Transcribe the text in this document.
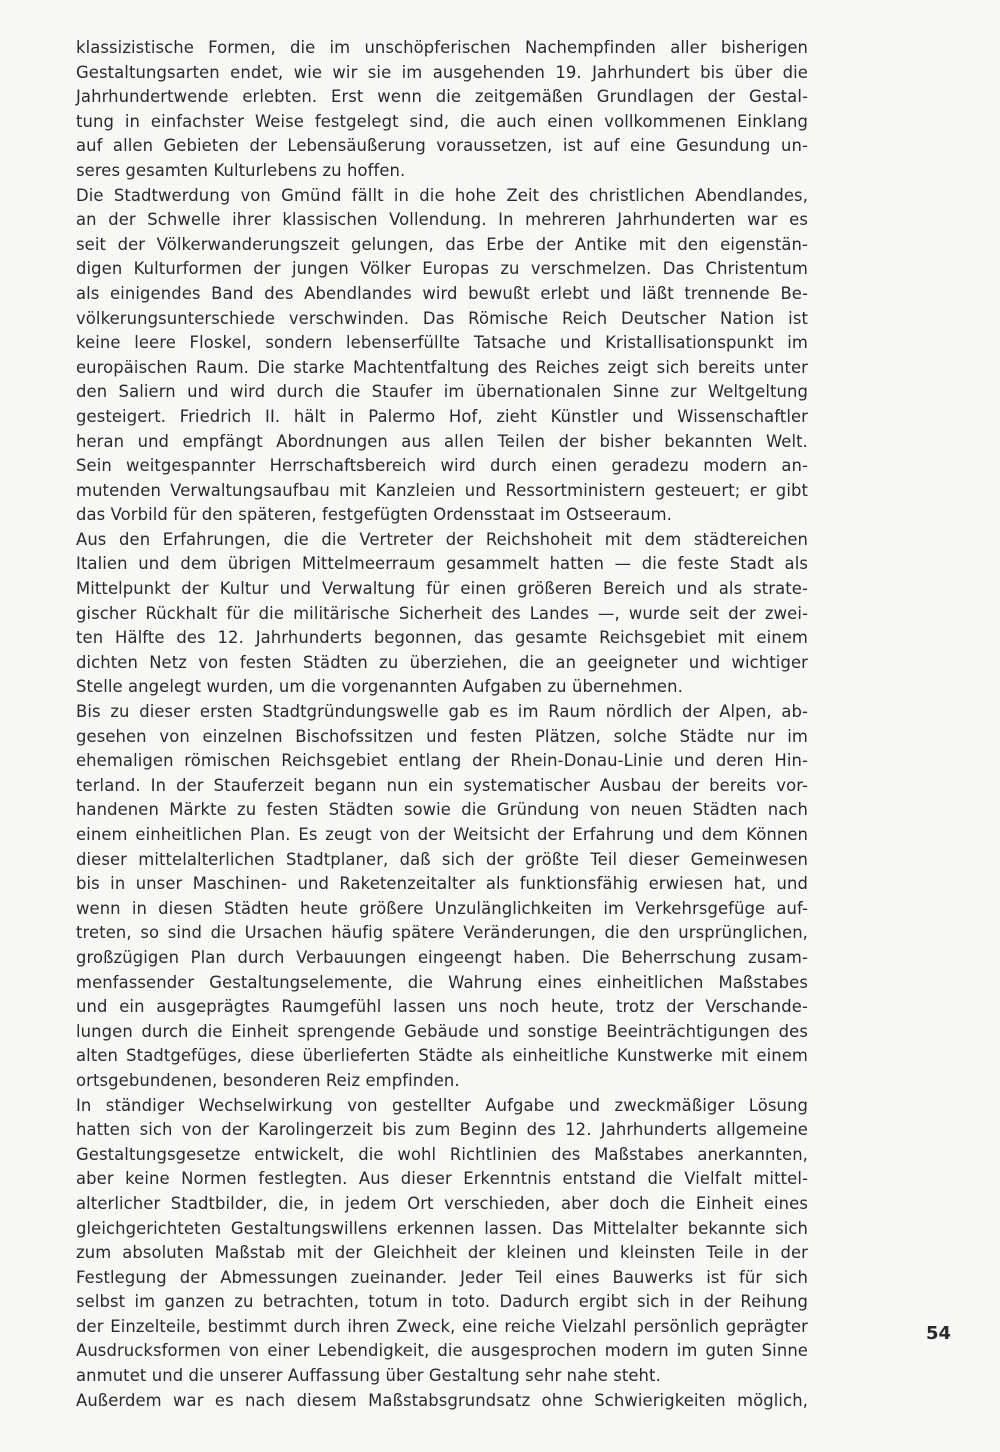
klassizistische Formen, die im unschöpferischen Nachempfinden aller bisherigen
Gestaltungsarten endet, wie wir sie im ausgehenden 19. Jahrhundert bis über die
Jahrhundertwende erlebten. Erst wenn die zeitgemäßen Grundlagen der Gestal-
tung in einfachster Weise festgelegt sind, die auch einen vollkommenen Einklang
auf allen Gebieten der Lebensäußerung voraussetzen, ist auf eine Gesundung un-
seres gesamten Kulturlebens zu hoffen.
Die Stadtwerdung von Gmünd fällt in die hohe Zeit des christlichen Abendlandes,
an der Schwelle ihrer klassischen Vollendung. In mehreren Jahrhunderten war es
seit der Völkerwanderungszeit gelungen, das Erbe der Antike mit den eigenstän-
digen Kulturformen der jungen Völker Europas zu verschmelzen. Das Christentum
als einigendes Band des Abendlandes wird bewußt erlebt und läßt trennende Be-
völkerungsunterschiede verschwinden. Das Römische Reich Deutscher Nation ist
keine leere Floskel, sondern lebenserfüllte Tatsache und Kristallisationspunkt im
europäischen Raum. Die starke Machtentfaltung des Reiches zeigt sich bereits unter
den Saliern und wird durch die Staufer im übernationalen Sinne zur Weltgeltung
gesteigert. Friedrich II. hält in Palermo Hof, zieht Künstler und Wissenschaftler
heran und empfängt Abordnungen aus allen Teilen der bisher bekannten Welt.
Sein weitgespannter Herrschaftsbereich wird durch einen geradezu modern an-
mutenden Verwaltungsaufbau mit Kanzleien und Ressortministern gesteuert; er gibt
das Vorbild für den späteren, festgefügten Ordensstaat im Ostseeraum.
Aus den Erfahrungen, die die Vertreter der Reichshoheit mit dem städtereichen
Italien und dem übrigen Mittelmeerraum gesammelt hatten — die feste Stadt als
Mittelpunkt der Kultur und Verwaltung für einen größeren Bereich und als strate-
gischer Rückhalt für die militärische Sicherheit des Landes —, wurde seit der zwei-
ten Hälfte des 12. Jahrhunderts begonnen, das gesamte Reichsgebiet mit einem
dichten Netz von festen Städten zu überziehen, die an geeigneter und wichtiger
Stelle angelegt wurden, um die vorgenannten Aufgaben zu übernehmen.
Bis zu dieser ersten Stadtgründungswelle gab es im Raum nördlich der Alpen, ab-
gesehen von einzelnen Bischofssitzen und festen Plätzen, solche Städte nur im
ehemaligen römischen Reichsgebiet entlang der Rhein-Donau-Linie und deren Hin-
terland. In der Stauferzeit begann nun ein systematischer Ausbau der bereits vor-
handenen Märkte zu festen Städten sowie die Gründung von neuen Städten nach
einem einheitlichen Plan. Es zeugt von der Weitsicht der Erfahrung und dem Können
dieser mittelalterlichen Stadtplaner, daß sich der größte Teil dieser Gemeinwesen
bis in unser Maschinen- und Raketenzeitalter als funktionsfähig erwiesen hat, und
wenn in diesen Städten heute größere Unzulänglichkeiten im Verkehrsgefüge auf-
treten, so sind die Ursachen häufig spätere Veränderungen, die den ursprünglichen,
großzügigen Plan durch Verbauungen eingeengt haben. Die Beherrschung zusam-
menfassender Gestaltungselemente, die Wahrung eines einheitlichen Maßstabes
und ein ausgeprägtes Raumgefühl lassen uns noch heute, trotz der Verschande-
lungen durch die Einheit sprengende Gebäude und sonstige Beeinträchtigungen des
alten Stadtgefüges, diese überlieferten Städte als einheitliche Kunstwerke mit einem
ortsgebundenen, besonderen Reiz empfinden.
In ständiger Wechselwirkung von gestellter Aufgabe und zweckmäßiger Lösung
hatten sich von der Karolingerzeit bis zum Beginn des 12. Jahrhunderts allgemeine
Gestaltungsgesetze entwickelt, die wohl Richtlinien des Maßstabes anerkannten,
aber keine Normen festlegten. Aus dieser Erkenntnis entstand die Vielfalt mittel-
alterlicher Stadtbilder, die, in jedem Ort verschieden, aber doch die Einheit eines
gleichgerichteten Gestaltungswillens erkennen lassen. Das Mittelalter bekannte sich
zum absoluten Maßstab mit der Gleichheit der kleinen und kleinsten Teile in der
Festlegung der Abmessungen zueinander. Jeder Teil eines Bauwerks ist für sich
selbst im ganzen zu betrachten, totum in toto. Dadurch ergibt sich in der Reihung
der Einzelteile, bestimmt durch ihren Zweck, eine reiche Vielzahl persönlich geprägter
Ausdrucksformen von einer Lebendigkeit, die ausgesprochen modern im guten Sinne
anmutet und die unserer Auffassung über Gestaltung sehr nahe steht.
Außerdem war es nach diesem Maßstabsgrundsatz ohne Schwierigkeiten möglich,
54
